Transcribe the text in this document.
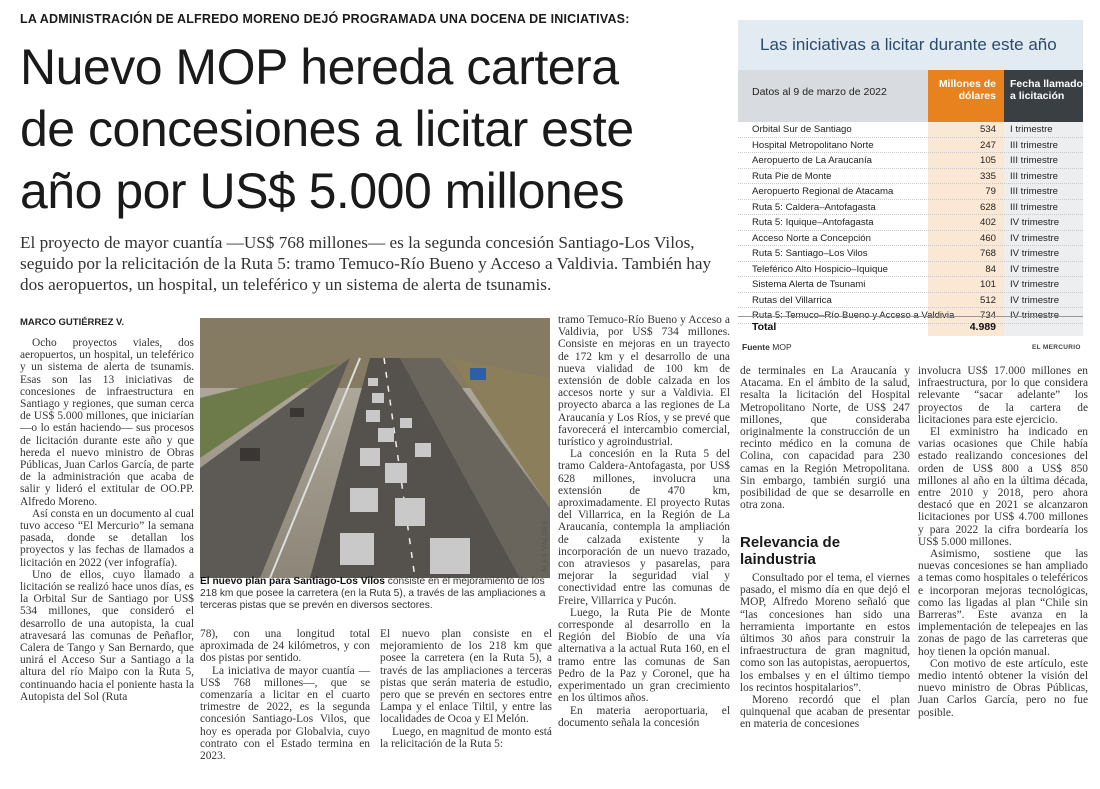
LA ADMINISTRACIÓN DE ALFREDO MORENO DEJÓ PROGRAMADA UNA DOCENA DE INICIATIVAS:
Nuevo MOP hereda cartera
de concesiones a licitar este
año por US$ 5.000 millones
El proyecto de mayor cuantía —US$ 768 millones— es la segunda concesión Santiago-Los Vilos, seguido por la relicitación de la Ruta 5: tramo Temuco-Río Bueno y Acceso a Valdivia. También hay dos aeropuertos, un hospital, un teleférico y un sistema de alerta de tsunamis.
MARCO GUTIÉRREZ V.

Ocho proyectos viales, dos aeropuertos, un hospital, un teleférico y un sistema de alerta de tsunamis. Esas son las 13 iniciativas de concesiones de infraestructura en Santiago y regiones, que suman cerca de US$ 5.000 millones, que iniciarían —o lo están haciendo— sus procesos de licitación durante este año y que hereda el nuevo ministro de Obras Públicas, Juan Carlos García, de parte de la administración que acaba de salir y lideró el extitular de OO.PP. Alfredo Moreno.

Así consta en un documento al cual tuvo acceso “El Mercurio” la semana pasada, donde se detallan los proyectos y las fechas de llamados a licitación en 2022 (ver infografía).

Uno de ellos, cuyo llamado a licitación se realizó hace unos días, es la Orbital Sur de Santiago por US$ 534 millones, que consideró el desarrollo de una autopista, la cual atravesará las comunas de Peñaflor, Calera de Tango y San Bernardo, que unirá el Acceso Sur a Santiago a la altura del río Maipo con la Ruta 5, continuando hacia el poniente hasta la Autopista del Sol (Ruta

ALEX VALDÉS
El nuevo plan para Santiago-Los Vilos consiste en el mejoramiento de los 218 km que posee la carretera (en la Ruta 5), a través de las ampliaciones a terceras pistas que se prevén en diversos sectores.

78), con una longitud total aproximada de 24 kilómetros, y con dos pistas por sentido.

La iniciativa de mayor cuantía —US$ 768 millones—, que se comenzaría a licitar en el cuarto trimestre de 2022, es la segunda concesión Santiago-Los Vilos, que hoy es operada por Globalvia, cuyo contrato con el Estado termina en 2023.

El nuevo plan consiste en el mejoramiento de los 218 km que posee la carretera (en la Ruta 5), a través de las ampliaciones a terceras pistas que serán materia de estudio, pero que se prevén en sectores entre Lampa y el enlace Tiltil, y entre las localidades de Ocoa y El Melón.

Luego, en magnitud de monto está la relicitación de la Ruta 5:

tramo Temuco-Río Bueno y Acceso a Valdivia, por US$ 734 millones. Consiste en mejoras en un trayecto de 172 km y el desarrollo de una nueva vialidad de 100 km de extensión de doble calzada en los accesos norte y sur a Valdivia. El proyecto abarca a las regiones de La Araucanía y Los Ríos, y se prevé que favorecerá el intercambio comercial, turístico y agroindustrial.

La concesión en la Ruta 5 del tramo Caldera-Antofagasta, por US$ 628 millones, involucra una extensión de 470 km, aproximadamente. El proyecto Rutas del Villarrica, en la Región de La Araucanía, contempla la ampliación de calzada existente y la incorporación de un nuevo trazado, con atraviesos y pasarelas, para mejorar la seguridad vial y conectividad entre las comunas de Freire, Villarrica y Pucón.

Luego, la Ruta Pie de Monte corresponde al desarrollo en la Región del Biobío de una vía alternativa a la actual Ruta 160, en el tramo entre las comunas de San Pedro de la Paz y Coronel, que ha experimentado un gran crecimiento en los últimos años.

En materia aeroportuaria, el documento señala la concesión

de terminales en La Araucanía y Atacama. En el ámbito de la salud, resalta la licitación del Hospital Metropolitano Norte, de US$ 247 millones, que consideraba originalmente la construcción de un recinto médico en la comuna de Colina, con capacidad para 230 camas en la Región Metropolitana. Sin embargo, también surgió una posibilidad de que se desarrolle en otra zona.

Relevancia de laindustria

Consultado por el tema, el viernes pasado, el mismo día en que dejó el MOP, Alfredo Moreno señaló que “las concesiones han sido una herramienta importante en estos últimos 30 años para construir la infraestructura de gran magnitud, como son las autopistas, aeropuertos, los embalses y en el último tiempo los recintos hospitalarios”.

Moreno recordó que el plan quinquenal que acaban de presentar en materia de concesiones

involucra US$ 17.000 millones en infraestructura, por lo que considera relevante “sacar adelante” los proyectos de la cartera de licitaciones para este ejercicio.

El exministro ha indicado en varias ocasiones que Chile había estado realizando concesiones del orden de US$ 800 a US$ 850 millones al año en la última década, entre 2010 y 2018, pero ahora destacó que en 2021 se alcanzaron licitaciones por US$ 4.700 millones y para 2022 la cifra bordearía los US$ 5.000 millones.

Asimismo, sostiene que las nuevas concesiones se han ampliado a temas como hospitales o teleféricos e incorporan mejoras tecnológicas, como las ligadas al plan “Chile sin Barreras”. Este avanza en la implementación de telepeajes en las zonas de pago de las carreteras que hoy tienen la opción manual.

Con motivo de este artículo, este medio intentó obtener la visión del nuevo ministro de Obras Públicas, Juan Carlos García, pero no fue posible.

Las iniciativas a licitar durante este año
Datos al 9 de marzo de 2022
Millones de dólares
Fecha llamado a licitación
Orbital Sur de Santiago	534 I trimestre
Hospital Metropolitano Norte	247 III trimestre
Aeropuerto de La Araucanía	105 III trimestre
Ruta Pie de Monte	335 III trimestre
Aeropuerto Regional de Atacama	79 III trimestre
Ruta 5: Caldera–Antofagasta	628 III trimestre
Ruta 5: Iquique–Antofagasta	402 IV trimestre
Acceso Norte a Concepción	460 IV trimestre
Ruta 5: Santiago–Los Vilos	768 IV trimestre
Teleférico Alto Hospicio–Iquique	84 IV trimestre
Sistema Alerta de Tsunami	101 IV trimestre
Rutas del Villarrica	512 IV trimestre
Ruta 5: Temuco–Río Bueno y Acceso a Valdivia	734 IV trimestre
Total	4.989
Fuente MOP	EL MERCURIO
